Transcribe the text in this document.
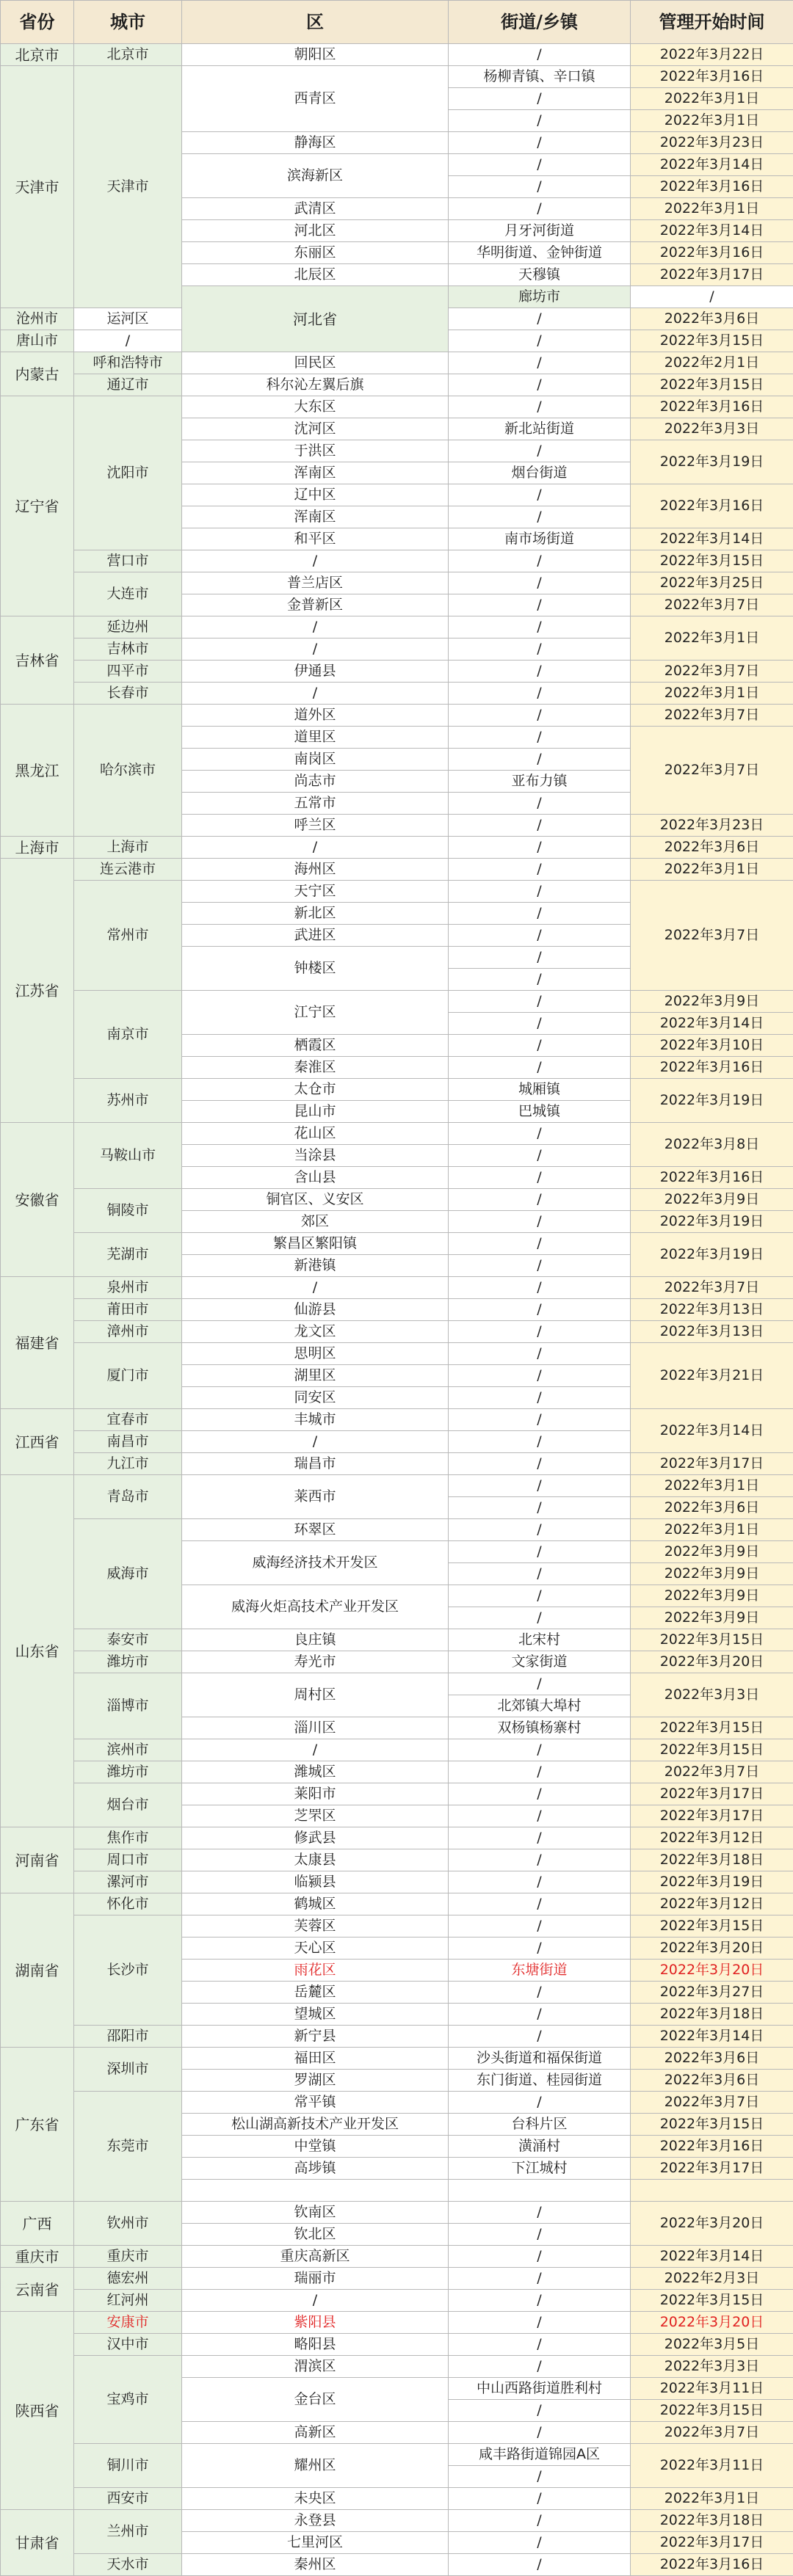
省份	城市	区	街道/乡镇	管理开始时间	
北京市	北京市	朝阳区	/	2022年3月22日	
天津市	天津市	西青区	杨柳青镇、辛口镇	2022年3月16日	
			/	2022年3月1日	
			/	2022年3月1日	
		静海区	/	2022年3月23日	
		滨海新区	/	2022年3月14日	
			/	2022年3月16日	
		武清区	/	2022年3月1日	
		河北区	月牙河街道	2022年3月14日	
		东丽区	华明街道、金钟街道	2022年3月16日	
		北辰区	天穆镇	2022年3月17日	
		河北省	廊坊市	/		
沧州市	运河区		/	2022年3月6日	
唐山市	/		/	2022年3月15日	
内蒙古	呼和浩特市	回民区	/	2022年2月1日	
	通辽市	科尔沁左翼后旗	/	2022年3月15日	
辽宁省	沈阳市	大东区	/	2022年3月16日	
		沈河区	新北站街道	2022年3月3日	
		于洪区	/	2022年3月19日	
		浑南区	烟台街道		
		辽中区	/	2022年3月16日	
		浑南区	/		
		和平区	南市场街道	2022年3月14日	
	营口市	/	/	2022年3月15日	
	大连市	普兰店区	/	2022年3月25日	
		金普新区	/	2022年3月7日	
吉林省	延边州	/	/	2022年3月1日	
	吉林市	/	/		
	四平市	伊通县	/	2022年3月7日	
	长春市	/	/	2022年3月1日	
黑龙江	哈尔滨市	道外区	/	2022年3月7日	
		道里区	/	2022年3月7日	
		南岗区	/		
		尚志市	亚布力镇		
		五常市	/		
		呼兰区	/	2022年3月23日	
上海市	上海市	/	/	2022年3月6日	
江苏省	连云港市	海州区	/	2022年3月1日	
	常州市	天宁区	/	2022年3月7日	
		新北区	/		
		武进区	/		
		钟楼区	/		
			/		
	南京市	江宁区	/	2022年3月9日	
			/	2022年3月14日	
		栖霞区	/	2022年3月10日	
		秦淮区	/	2022年3月16日	
	苏州市	太仓市	城厢镇	2022年3月19日	
		昆山市	巴城镇		
安徽省	马鞍山市	花山区	/	2022年3月8日	
		当涂县	/		
		含山县	/	2022年3月16日	
	铜陵市	铜官区、义安区	/	2022年3月9日	
		郊区	/	2022年3月19日	
	芜湖市	繁昌区繁阳镇	/	2022年3月19日	
		新港镇	/		
福建省	泉州市	/	/	2022年3月7日	
	莆田市	仙游县	/	2022年3月13日	
	漳州市	龙文区	/	2022年3月13日	
	厦门市	思明区	/	2022年3月21日	
		湖里区	/		
		同安区	/		
江西省	宜春市	丰城市	/	2022年3月14日	
	南昌市	/	/		
	九江市	瑞昌市	/	2022年3月17日	
山东省	青岛市	莱西市	/	2022年3月1日	
			/	2022年3月6日	
	威海市	环翠区	/	2022年3月1日	
		威海经济技术开发区	/	2022年3月9日	
			/	2022年3月9日	
		威海火炬高技术产业开发区	/	2022年3月9日	
			/	2022年3月9日	
	泰安市	良庄镇	北宋村	2022年3月15日	
	潍坊市	寿光市	文家街道	2022年3月20日	
	淄博市	周村区	/	2022年3月3日	
			北郊镇大埠村		
		淄川区	双杨镇杨寨村	2022年3月15日	
	滨州市	/	/	2022年3月15日	
	潍坊市	潍城区	/	2022年3月7日	
	烟台市	莱阳市	/	2022年3月17日	
		芝罘区	/	2022年3月17日	
河南省	焦作市	修武县	/	2022年3月12日	
	周口市	太康县	/	2022年3月18日	
	漯河市	临颍县	/	2022年3月19日	
湖南省	怀化市	鹤城区	/	2022年3月12日	
	长沙市	芙蓉区	/	2022年3月15日	
		天心区	/	2022年3月20日	
		雨花区	东塘街道	2022年3月20日	
		岳麓区	/	2022年3月27日	
		望城区	/	2022年3月18日	
	邵阳市	新宁县	/	2022年3月14日	
广东省	深圳市	福田区	沙头街道和福保街道	2022年3月6日	
		罗湖区	东门街道、桂园街道	2022年3月6日	
	东莞市	常平镇	/	2022年3月7日	
		松山湖高新技术产业开发区	台科片区	2022年3月15日	
		中堂镇	潢涌村	2022年3月16日	
		高埗镇	下江城村	2022年3月17日	

广西	钦州市	钦南区	/	2022年3月20日	
		钦北区	/		
重庆市	重庆市	重庆高新区	/	2022年3月14日	
云南省	德宏州	瑞丽市	/	2022年2月3日	
	红河州	/	/	2022年3月15日	
陕西省	安康市	紫阳县	/	2022年3月20日	
	汉中市	略阳县	/	2022年3月5日	
	宝鸡市	渭滨区	/	2022年3月3日	
		金台区	中山西路街道胜利村	2022年3月11日	
			/	2022年3月15日	
		高新区	/	2022年3月7日	
	铜川市	耀州区	咸丰路街道锦园A区	2022年3月11日	
			/		
	西安市	未央区	/	2022年3月1日	
甘肃省	兰州市	永登县	/	2022年3月18日	
		七里河区	/	2022年3月17日	
	天水市	秦州区	/	2022年3月16日	
